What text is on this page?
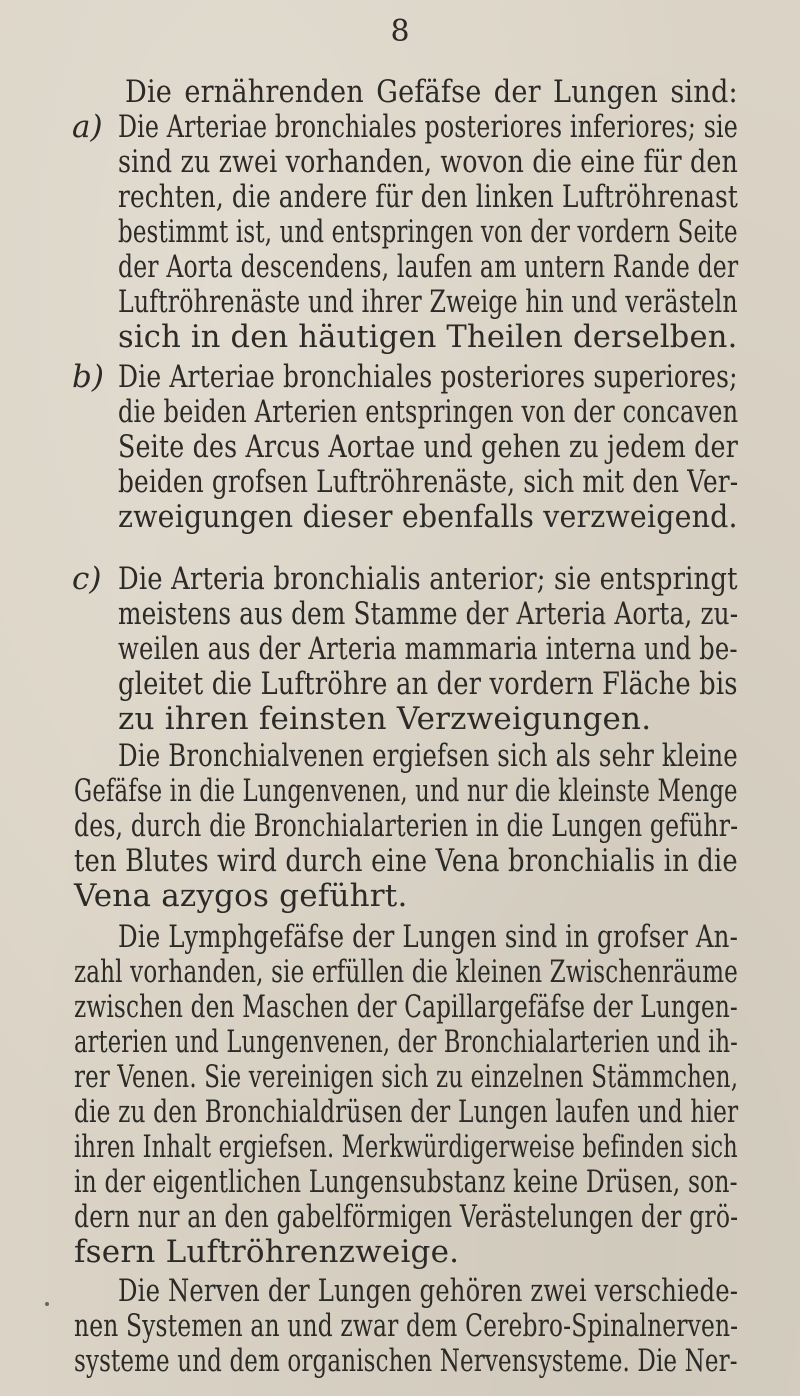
8
a)
b)
c)
Die ernährenden Gefäfse der Lungen sind:
Die Arteriae bronchiales posteriores inferiores; sie
sind zu zwei vorhanden, wovon die eine für den
rechten, die andere für den linken Luftröhrenast
bestimmt ist, und entspringen von der vordern Seite
der Aorta descendens, laufen am untern Rande der
Luftröhrenäste und ihrer Zweige hin und verästeln
sich in den häutigen Theilen derselben.
Die Arteriae bronchiales posteriores superiores;
die beiden Arterien entspringen von der concaven
Seite des Arcus Aortae und gehen zu jedem der
beiden grofsen Luftröhrenäste, sich mit den Ver-
zweigungen dieser ebenfalls verzweigend.
Die Arteria bronchialis anterior; sie entspringt
meistens aus dem Stamme der Arteria Aorta, zu-
weilen aus der Arteria mammaria interna und be-
gleitet die Luftröhre an der vordern Fläche bis
zu ihren feinsten Verzweigungen.
Die Bronchialvenen ergiefsen sich als sehr kleine
Gefäfse in die Lungenvenen, und nur die kleinste Menge
des, durch die Bronchialarterien in die Lungen geführ-
ten Blutes wird durch eine Vena bronchialis in die
Vena azygos geführt.
Die Lymphgefäfse der Lungen sind in grofser An-
zahl vorhanden, sie erfüllen die kleinen Zwischenräume
zwischen den Maschen der Capillargefäfse der Lungen-
arterien und Lungenvenen, der Bronchialarterien und ih-
rer Venen. Sie vereinigen sich zu einzelnen Stämmchen,
die zu den Bronchialdrüsen der Lungen laufen und hier
ihren Inhalt ergiefsen. Merkwürdigerweise befinden sich
in der eigentlichen Lungensubstanz keine Drüsen, son-
dern nur an den gabelförmigen Verästelungen der grö-
fsern Luftröhrenzweige.
Die Nerven der Lungen gehören zwei verschiede-
nen Systemen an und zwar dem Cerebro-Spinalnerven-
systeme und dem organischen Nervensysteme. Die Ner-
